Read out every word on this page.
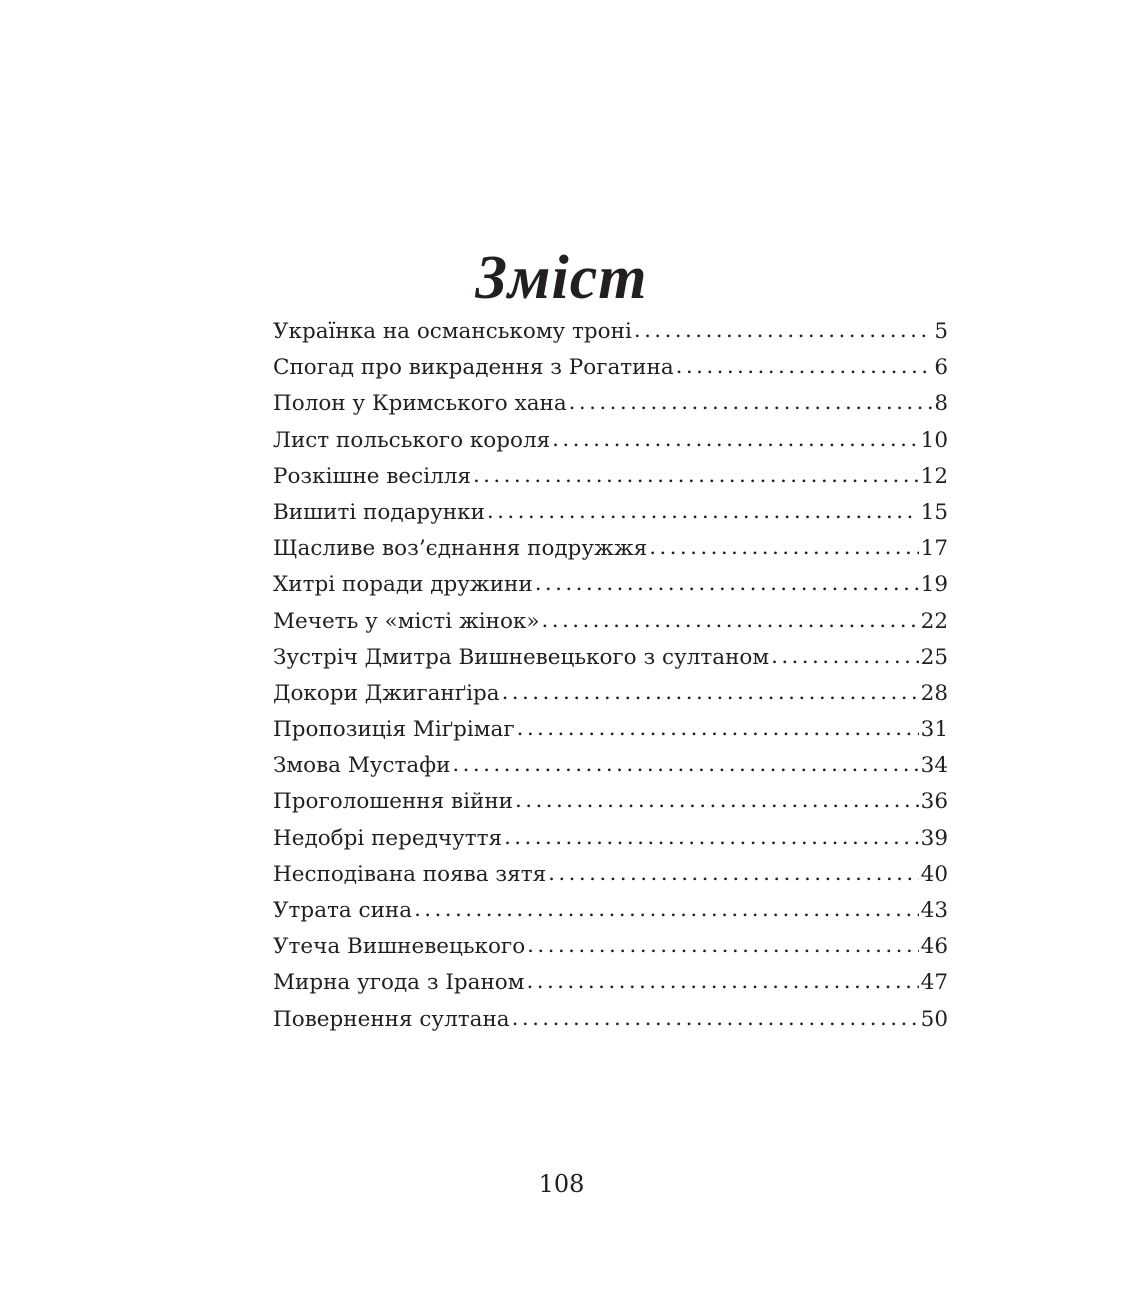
Зміст
Українка на османському троні .....	5
Спогад про викрадення з Рогатина .....	6
Полон у Кримського хана .....	8
Лист польського короля .....	10
Розкішне весілля .....	12
Вишиті подарунки .....	15
Щасливе воз’єднання подружжя .....	17
Хитрі поради дружини .....	19
Мечеть у «місті жінок» .....	22
Зустріч Дмитра Вишневецького з султаном .....	25
Докори Джиганґіра .....	28
Пропозиція Міґрімаг .....	31
Змова Мустафи .....	34
Проголошення війни .....	36
Недобрі передчуття .....	39
Несподівана поява зятя .....	40
Утрата сина .....	43
Утеча Вишневецького .....	46
Мирна угода з Іраном .....	47
Повернення султана .....	50
108
